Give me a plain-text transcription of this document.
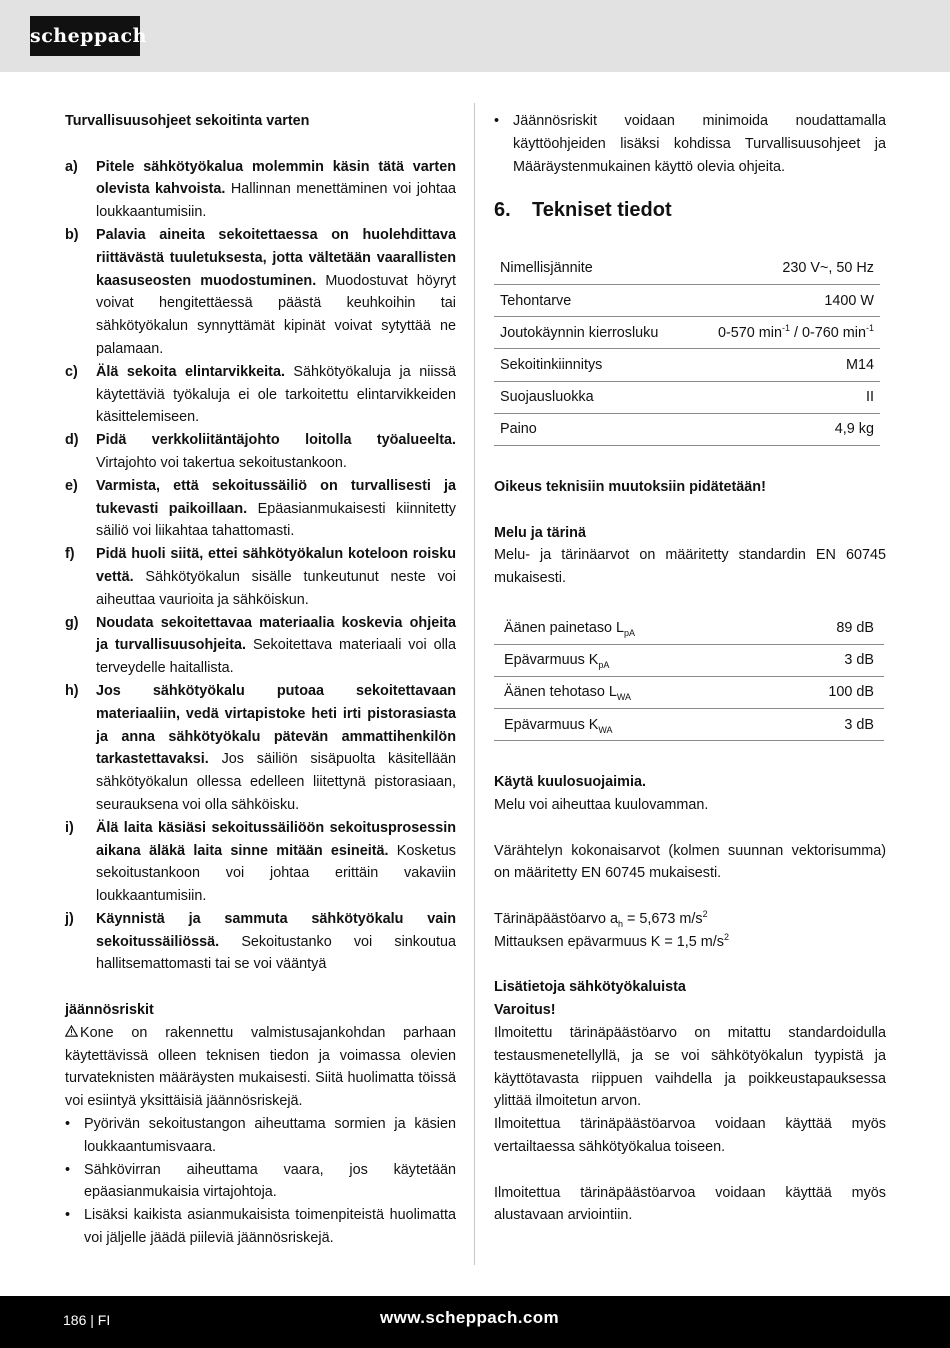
scheppach
Turvallisuusohjeet sekoitinta varten
a)	Pitele sähkötyökalua molemmin käsin tätä varten olevista kahvoista. Hallinnan menettäminen voi johtaa loukkaantumisiin.
b)	Palavia aineita sekoitettaessa on huolehdittava riittävästä tuuletuksesta, jotta vältetään vaarallisten kaasuseosten muodostuminen. Muodostuvat höyryt voivat hengitettäessä päästä keuhkoihin tai sähkötyökalun synnyttämät kipinät voivat sytyttää ne palamaan.
c)	Älä sekoita elintarvikkeita. Sähkötyökaluja ja niissä käytettäviä työkaluja ei ole tarkoitettu elintarvikkeiden käsittelemiseen.
d)	Pidä verkkoliitäntäjohto loitolla työalueelta. Virtajohto voi takertua sekoitustankoon.
e)	Varmista, että sekoitussäiliö on turvallisesti ja tukevasti paikoillaan. Epäasianmukaisesti kiinnitetty säiliö voi liikahtaa tahattomasti.
f)	Pidä huoli siitä, ettei sähkötyökalun koteloon roisku vettä. Sähkötyökalun sisälle tunkeutunut neste voi aiheuttaa vaurioita ja sähköiskun.
g)	Noudata sekoitettavaa materiaalia koskevia ohjeita ja turvallisuusohjeita. Sekoitettava materiaali voi olla terveydelle haitallista.
h)	Jos sähkötyökalu putoaa sekoitettavaan materiaaliin, vedä virtapistoke heti irti pistorasiasta ja anna sähkötyökalu pätevän ammattihenkilön tarkastettavaksi. Jos säiliön sisäpuolta käsitellään sähkötyökalun ollessa edelleen liitettynä pistorasiaan, seurauksena voi olla sähköisku.
i)	Älä laita käsiäsi sekoitussäiliöön sekoitusprosessin aikana äläkä laita sinne mitään esineitä. Kosketus sekoitustankoon voi johtaa erittäin vakaviin loukkaantumisiin.
j)	Käynnistä ja sammuta sähkötyökalu vain sekoitussäiliössä. Sekoitustanko voi sinkoutua hallitsemattomasti tai se voi vääntyä
jäännösriskit

Kone on rakennettu valmistusajankohdan parhaan käytettävissä olleen teknisen tiedon ja voimassa olevien turvateknisten määräysten mukaisesti. Siitä huolimatta töissä voi esiintyä yksittäisiä jäännösriskejä.

• Pyörivän sekoitustangon aiheuttama sormien ja käsien loukkaantumisvaara.
• Sähkövirran aiheuttama vaara, jos käytetään epäasianmukaisia virtajohtoja.
• Lisäksi kaikista asianmukaisista toimenpiteistä huolimatta voi jäljelle jäädä piileviä jäännösriskejä.
• Jäännösriskit voidaan minimoida noudattamalla käyttöohjeiden lisäksi kohdissa Turvallisuusohjeet ja Määräystenmukainen käyttö olevia ohjeita.
6.	Tekniset tiedot
Nimellisjännite	230 V~, 50 Hz
Tehontarve	1400 W
Joutokäynnin kierrosluku	0-570 $\min^{-1} / 0-760$ $\min^{-1}$
Sekoitinkiinnitys	M14
Suojausluokka	II
Paino	4,9 kg
Oikeus teknisiin muutoksiin pidätetään!
Melu ja tärinä

Melu- ja tärinäarvot on määritetty standardin EN 60745 mukaisesti.

Äänen painetaso $L_{pA}$	89 dB
Epävarmuus $K_{pA}$	3 dB
Äänen tehotaso $L_{WA}$	100 dB
Epävarmuus $K_{WA}$	3 dB
Käytä kuulosuojaimia.
Melu voi aiheuttaa kuulovamman.

Värähtelyn kokonaisarvot (kolmen suunnan vektorisumma) on määritetty EN 60745 mukaisesti.

Tärinäpäästöarvo $a_h = 5,673$ $m/s^2$
Mittauksen epävarmuus K = 1,5 $m/s^2$
Lisätietoja sähkötyökaluista
Varoitus!

Ilmoitettu tärinäpäästöarvo on mitattu standardoidulla testausmenetellyllä, ja se voi sähkötyökalun tyypistä ja käyttötavasta riippuen vaihdella ja poikkeustapauksessa ylittää ilmoitetun arvon.

Ilmoitettua tärinäpäästöarvoa voidaan käyttää myös vertailtaessa sähkötyökalua toiseen.

Ilmoitettua tärinäpäästöarvoa voidaan käyttää myös alustavaan arviointiin.

186 | FI	www.scheppach.com
